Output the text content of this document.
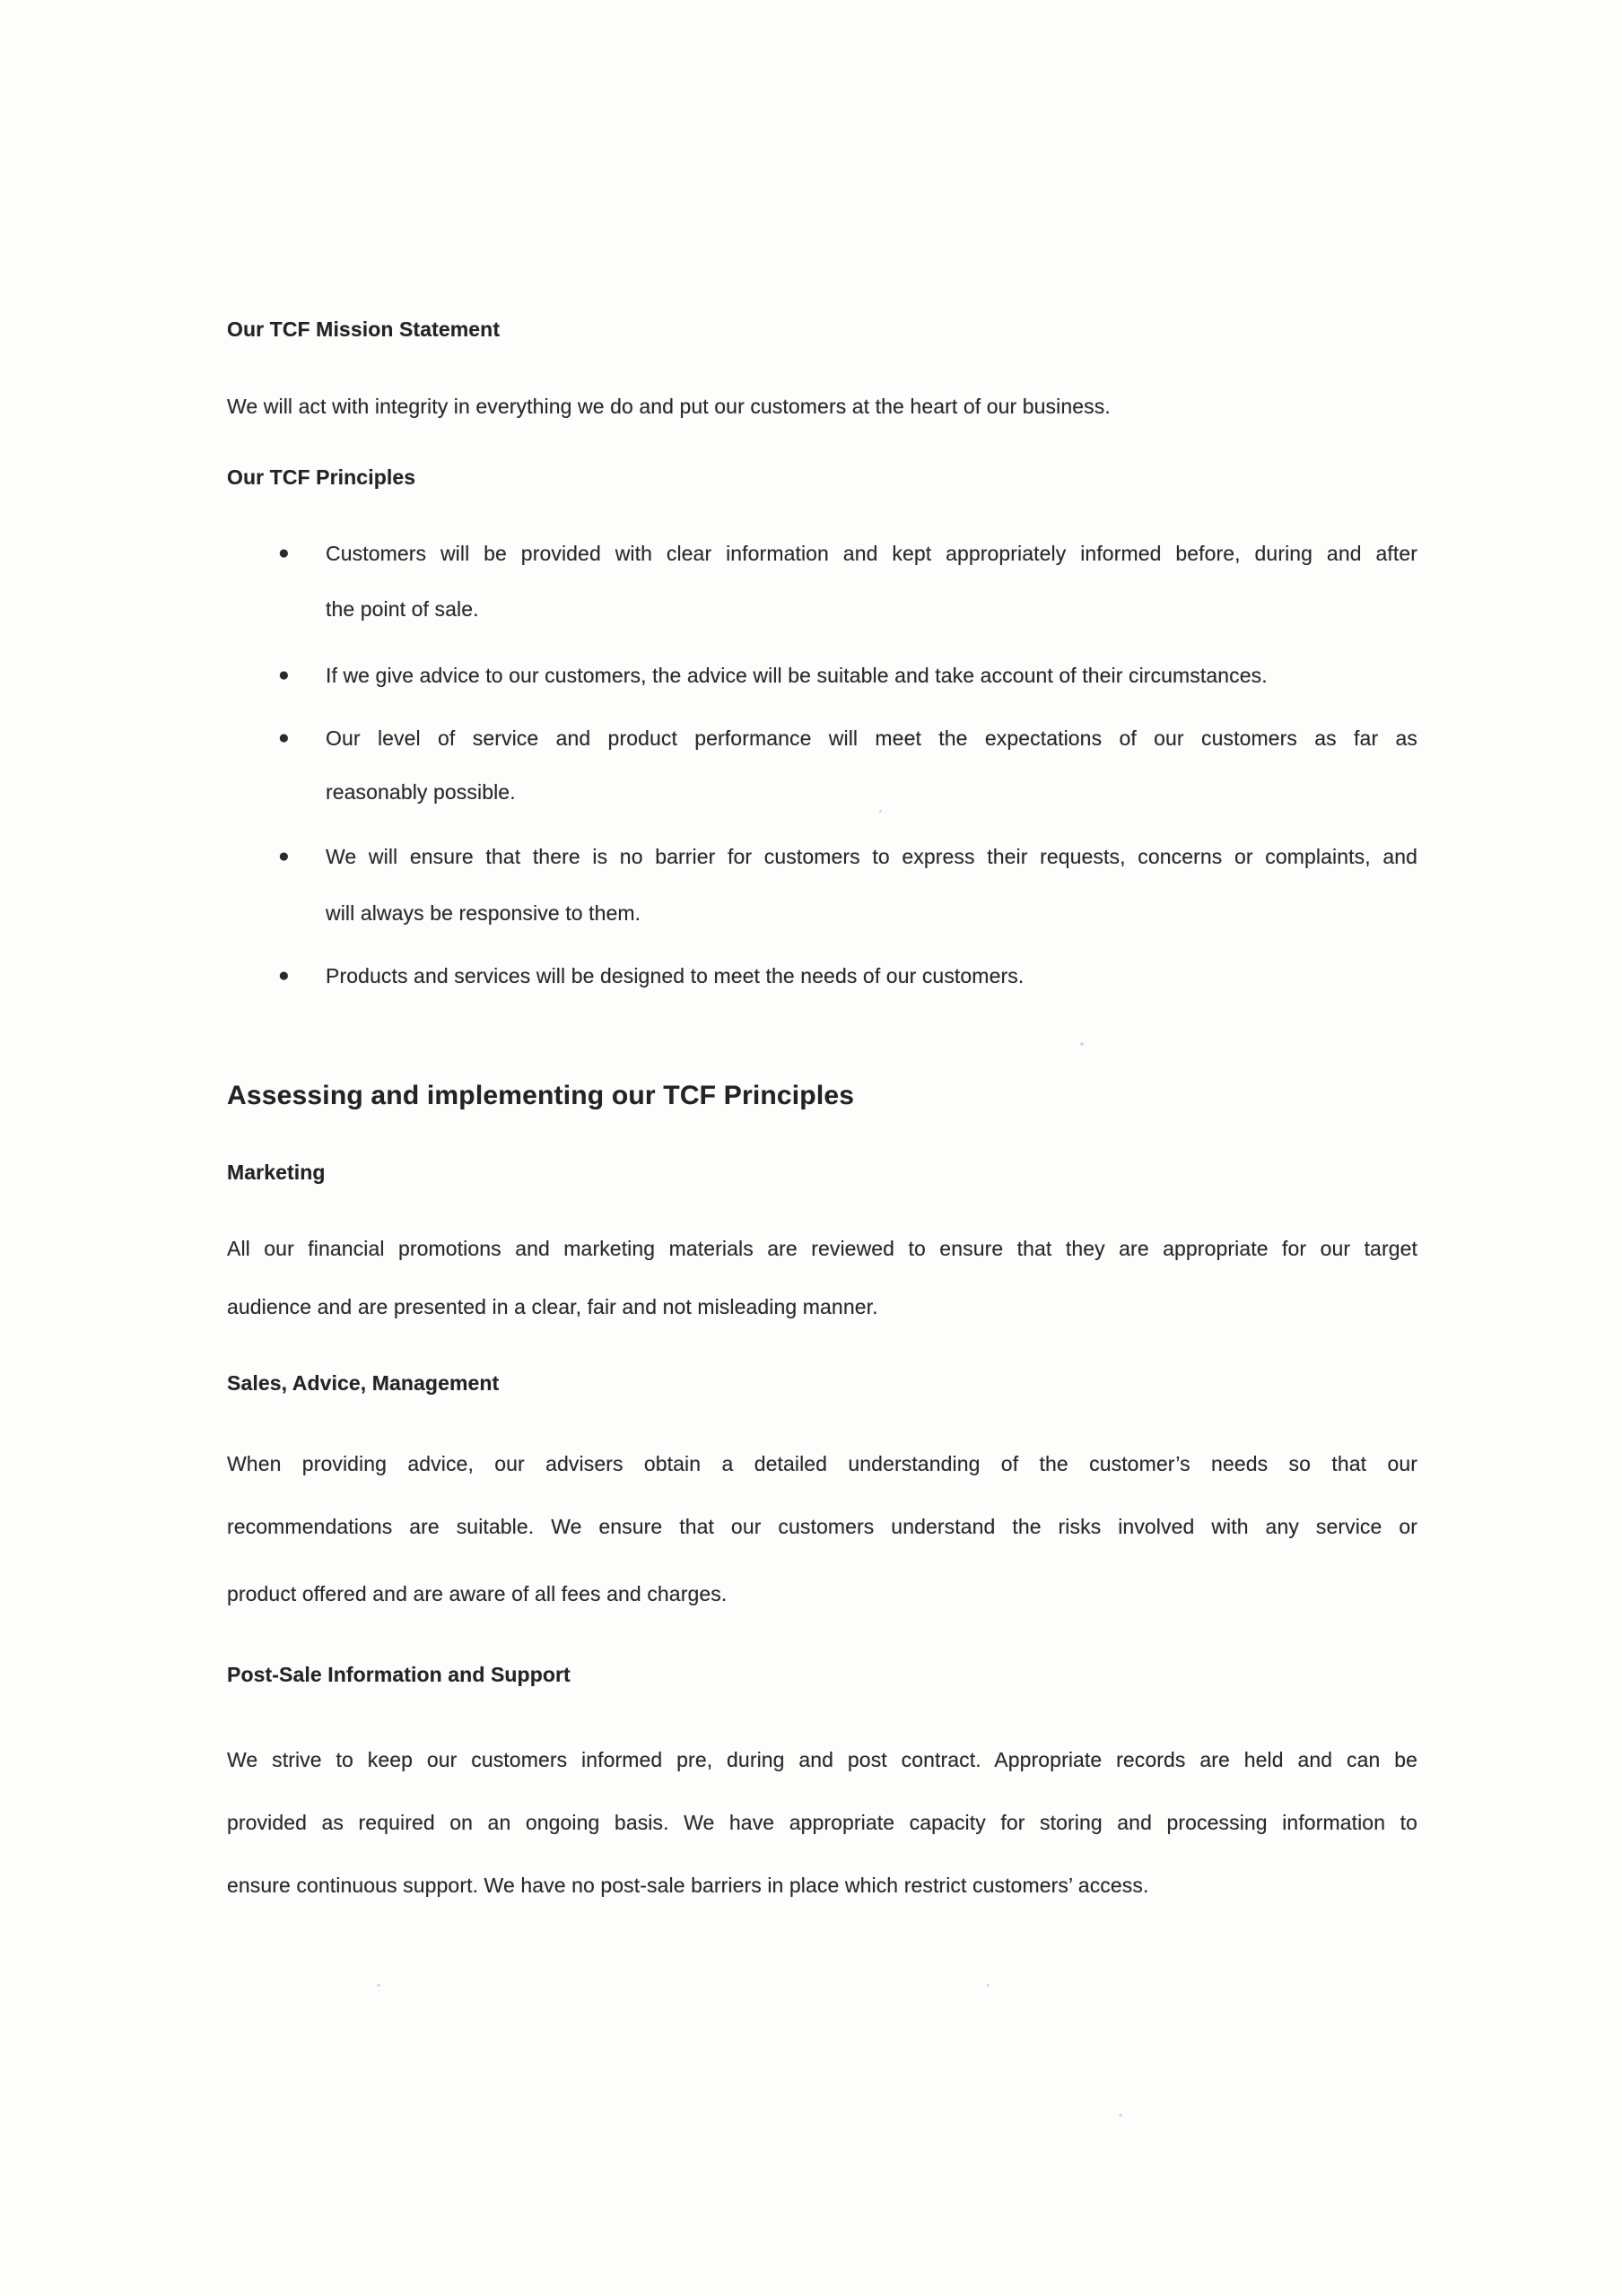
Our TCF Mission Statement
We will act with integrity in everything we do and put our customers at the heart of our business.
Our TCF Principles
●	Customers will be provided with clear information and kept appropriately informed before, during and after
the point of sale.
●	If we give advice to our customers, the advice will be suitable and take account of their circumstances.
●	Our level of service and product performance will meet the expectations of our customers as far as
reasonably possible.
●	We will ensure that there is no barrier for customers to express their requests, concerns or complaints, and
will always be responsive to them.
●	Products and services will be designed to meet the needs of our customers.
Assessing and implementing our TCF Principles
Marketing
All our financial promotions and marketing materials are reviewed to ensure that they are appropriate for our target
audience and are presented in a clear, fair and not misleading manner.
Sales, Advice, Management
When providing advice, our advisers obtain a detailed understanding of the customer’s needs so that our
recommendations are suitable. We ensure that our customers understand the risks involved with any service or
product offered and are aware of all fees and charges.
Post-Sale Information and Support
We strive to keep our customers informed pre, during and post contract. Appropriate records are held and can be
provided as required on an ongoing basis. We have appropriate capacity for storing and processing information to
ensure continuous support. We have no post-sale barriers in place which restrict customers’ access.
